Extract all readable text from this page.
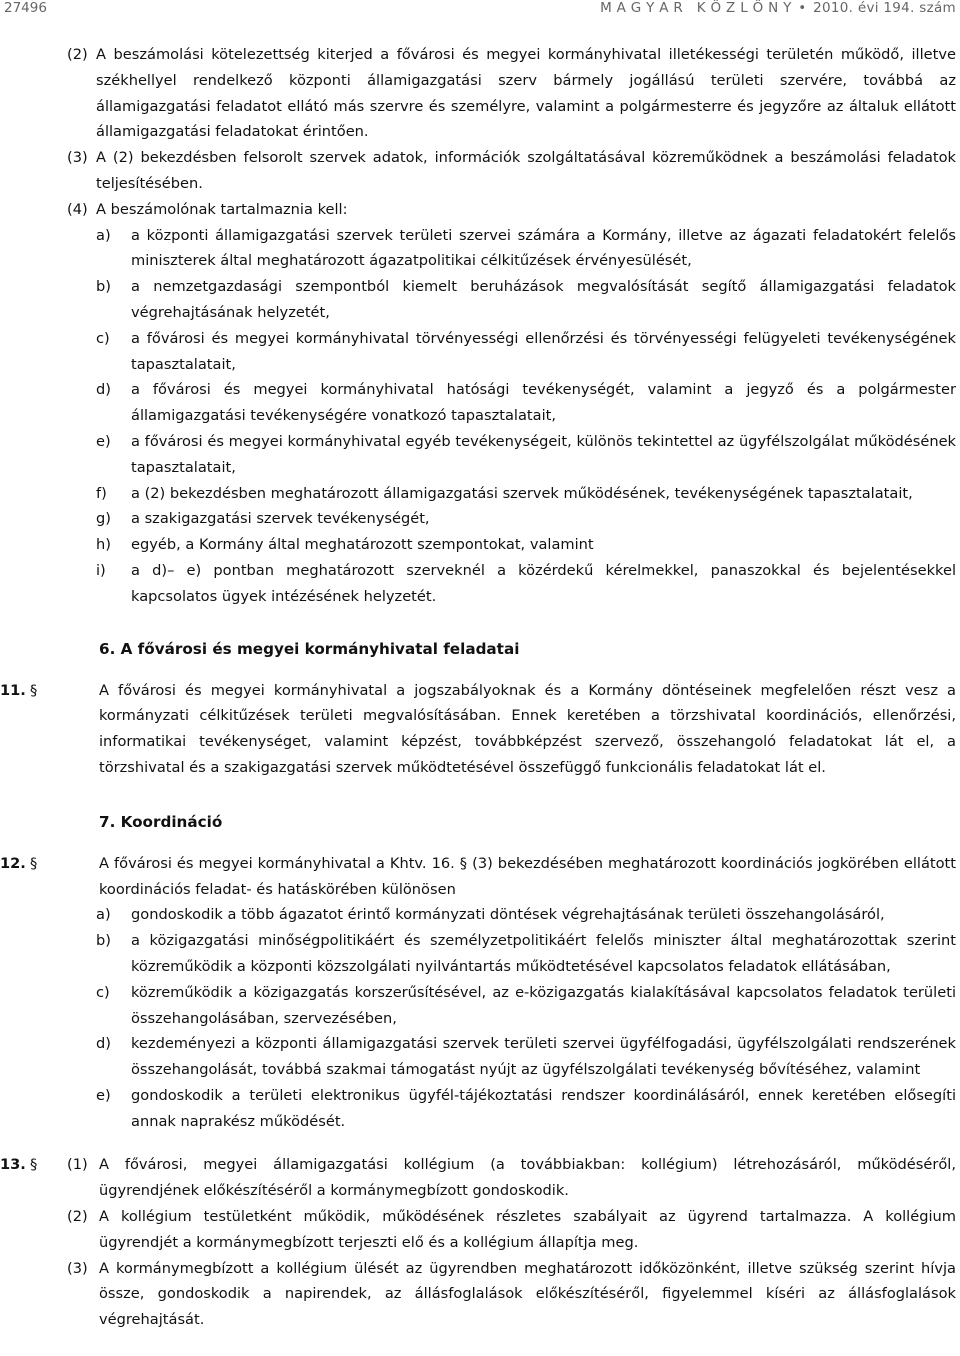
27496	M A G Y A R   K Ö Z L Ö N Y • 2010. évi 194. szám
(2) A beszámolási kötelezettség kiterjed a fővárosi és megyei kormányhivatal illetékességi területén működő, illetve székhellyel rendelkező központi államigazgatási szerv bármely jogállású területi szervére, továbbá az államigazgatási feladatot ellátó más szervre és személyre, valamint a polgármesterre és jegyzőre az általuk ellátott államigazgatási feladatokat érintően.
(3) A (2) bekezdésben felsorolt szervek adatok, információk szolgáltatásával közreműködnek a beszámolási feladatok teljesítésében.
(4) A beszámolónak tartalmaznia kell:
a) a központi államigazgatási szervek területi szervei számára a Kormány, illetve az ágazati feladatokért felelős miniszterek által meghatározott ágazatpolitikai célkitűzések érvényesülését,
b) a nemzetgazdasági szempontból kiemelt beruházások megvalósítását segítő államigazgatási feladatok végrehajtásának helyzetét,
c) a fővárosi és megyei kormányhivatal törvényességi ellenőrzési és törvényességi felügyeleti tevékenységének tapasztalatait,
d) a fővárosi és megyei kormányhivatal hatósági tevékenységét, valamint a jegyző és a polgármester államigazgatási tevékenységére vonatkozó tapasztalatait,
e) a fővárosi és megyei kormányhivatal egyéb tevékenységeit, különös tekintettel az ügyfélszolgálat működésének tapasztalatait,
f) a (2) bekezdésben meghatározott államigazgatási szervek működésének, tevékenységének tapasztalatait,
g) a szakigazgatási szervek tevékenységét,
h) egyéb, a Kormány által meghatározott szempontokat, valamint
i) a d)– e) pontban meghatározott szerveknél a közérdekű kérelmekkel, panaszokkal és bejelentésekkel kapcsolatos ügyek intézésének helyzetét.
6. A fővárosi és megyei kormányhivatal feladatai
11. §	A fővárosi és megyei kormányhivatal a jogszabályoknak és a Kormány döntéseinek megfelelően részt vesz a kormányzati célkitűzések területi megvalósításában. Ennek keretében a törzshivatal koordinációs, ellenőrzési, informatikai tevékenységet, valamint képzést, továbbképzést szervező, összehangoló feladatokat lát el, a törzshivatal és a szakigazgatási szervek működtetésével összefüggő funkcionális feladatokat lát el.
7. Koordináció
12. §	A fővárosi és megyei kormányhivatal a Khtv. 16. § (3) bekezdésében meghatározott koordinációs jogkörében ellátott koordinációs feladat- és hatáskörében különösen
a) gondoskodik a több ágazatot érintő kormányzati döntések végrehajtásának területi összehangolásáról,
b) a közigazgatási minőségpolitikáért és személyzetpolitikáért felelős miniszter által meghatározottak szerint közreműködik a központi közszolgálati nyilvántartás működtetésével kapcsolatos feladatok ellátásában,
c) közreműködik a közigazgatás korszerűsítésével, az e-közigazgatás kialakításával kapcsolatos feladatok területi összehangolásában, szervezésében,
d) kezdeményezi a központi államigazgatási szervek területi szervei ügyfélfogadási, ügyfélszolgálati rendszerének összehangolását, továbbá szakmai támogatást nyújt az ügyfélszolgálati tevékenység bővítéséhez, valamint
e) gondoskodik a területi elektronikus ügyfél-tájékoztatási rendszer koordinálásáról, ennek keretében elősegíti annak naprakész működését.
13. § (1) A fővárosi, megyei államigazgatási kollégium (a továbbiakban: kollégium) létrehozásáról, működéséről, ügyrendjének előkészítéséről a kormánymegbízott gondoskodik.
(2) A kollégium testületként működik, működésének részletes szabályait az ügyrend tartalmazza. A kollégium ügyrendjét a kormánymegbízott terjeszti elő és a kollégium állapítja meg.
(3) A kormánymegbízott a kollégium ülését az ügyrendben meghatározott időközönként, illetve szükség szerint hívja össze, gondoskodik a napirendek, az állásfoglalások előkészítéséről, figyelemmel kíséri az állásfoglalások végrehajtását.
